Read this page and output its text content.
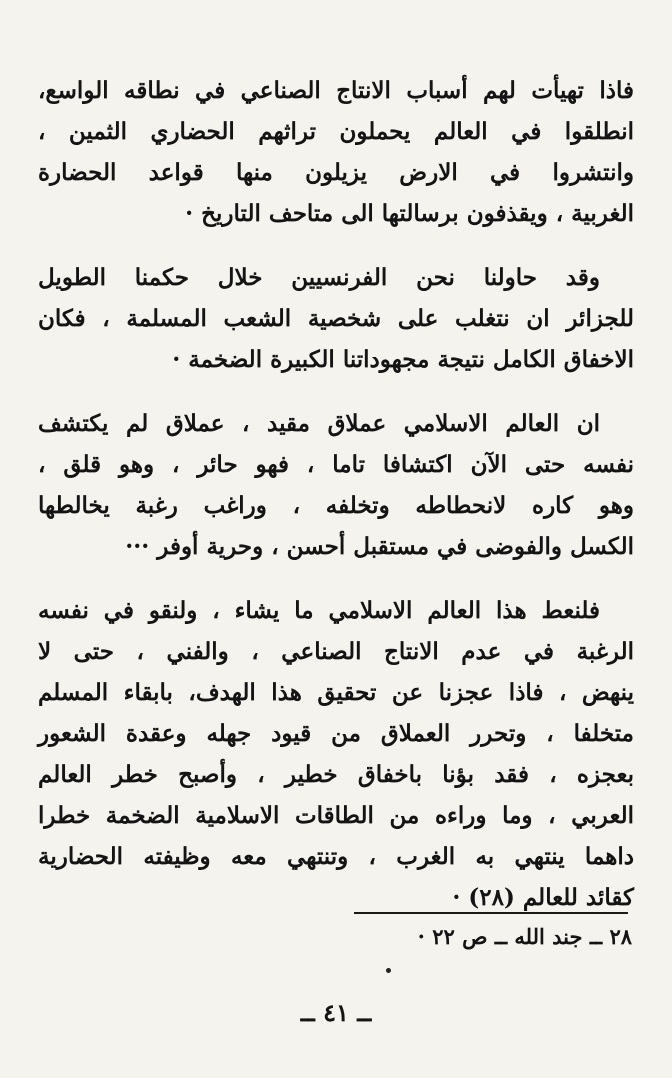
فاذا تهيأت لهم أسباب الانتاج الصناعي في نطاقه الواسع،
انطلقوا في العالم يحملون تراثهم الحضاري الثمين ،
وانتشروا في الارض يزيلون منها قواعد الحضارة
الغربية ، ويقذفون برسالتها الى متاحف التاريخ ·
وقد حاولنا نحن الفرنسيين خلال حكمنا الطويل
للجزائر ان نتغلب على شخصية الشعب المسلمة ، فكان
الاخفاق الكامل نتيجة مجهوداتنا الكبيرة الضخمة ·
ان العالم الاسلامي عملاق مقيد ، عملاق لم يكتشف
نفسه حتى الآن اكتشافا تاما ، فهو حائر ، وهو قلق ،
وهو كاره لانحطاطه وتخلفه ، وراغب رغبة يخالطها
الكسل والفوضى في مستقبل أحسن ، وحرية أوفر ···
فلنعط هذا العالم الاسلامي ما يشاء ، ولنقو في نفسه
الرغبة في عدم الانتاج الصناعي ، والفني ، حتى لا
ينهض ، فاذا عجزنا عن تحقيق هذا الهدف، بابقاء المسلم
متخلفا ، وتحرر العملاق من قيود جهله وعقدة الشعور
بعجزه ، فقد بؤنا باخفاق خطير ، وأصبح خطر العالم
العربي ، وما وراءه من الطاقات الاسلامية الضخمة خطرا
داهما ينتهي به الغرب ، وتنتهي معه وظيفته الحضارية
كقائد للعالم (٢٨) ·
٢٨ ــ جند الله ــ ص ٢٢ ·
ــ ٤١ ــ
